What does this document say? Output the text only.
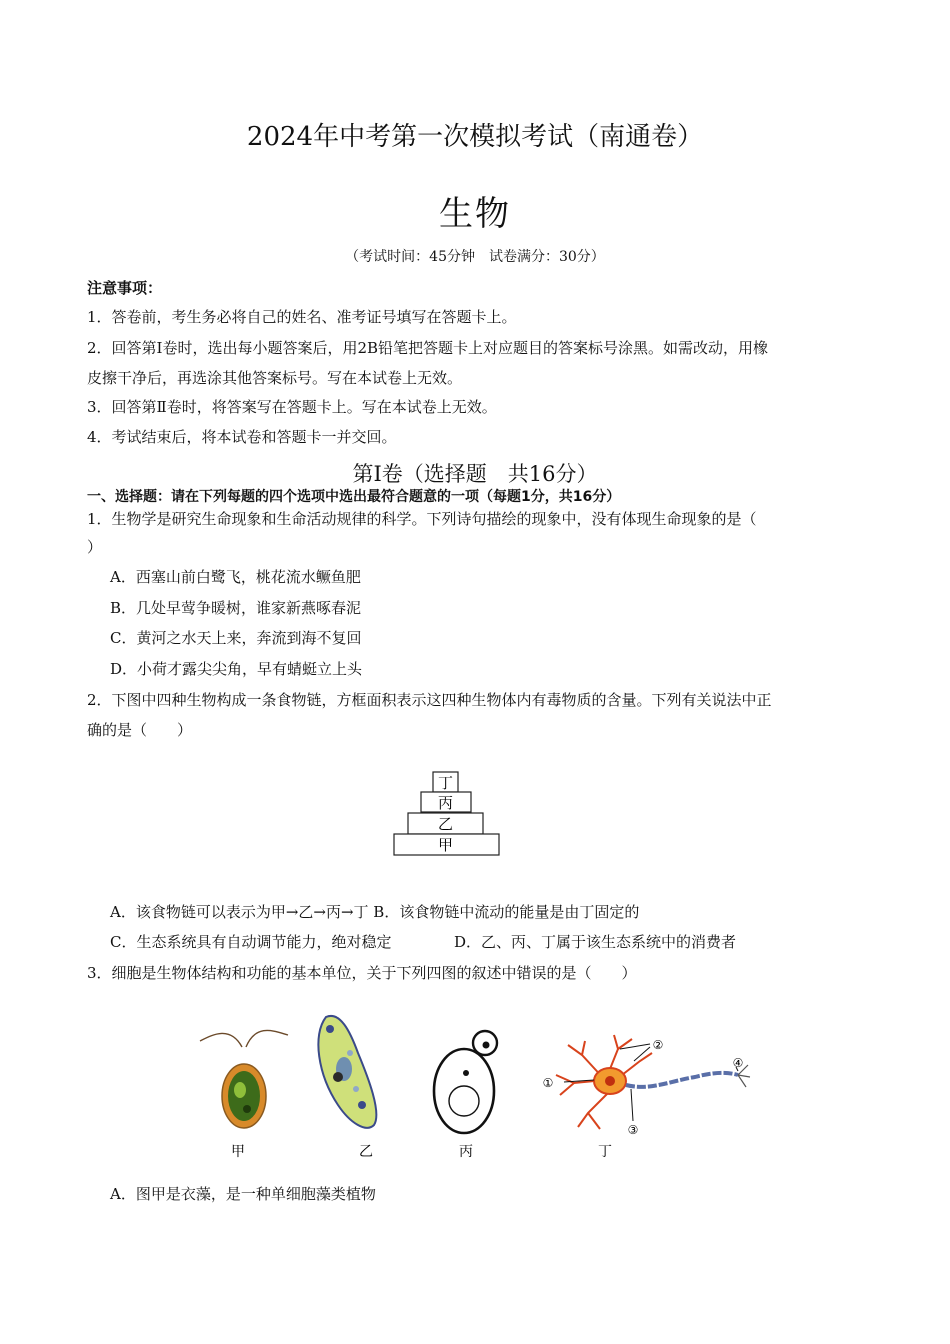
2024年中考第一次模拟考试（南通卷）
生物
（考试时间：45分钟　试卷满分：30分）
注意事项：
1．答卷前，考生务必将自己的姓名、准考证号填写在答题卡上。
2．回答第Ⅰ卷时，选出每小题答案后，用2B铅笔把答题卡上对应题目的答案标号涂黑。如需改动，用橡
皮擦干净后，再选涂其他答案标号。写在本试卷上无效。
3．回答第Ⅱ卷时，将答案写在答题卡上。写在本试卷上无效。
4．考试结束后，将本试卷和答题卡一并交回。
第Ⅰ卷（选择题　共16分）
一、选择题：请在下列每题的四个选项中选出最符合题意的一项（每题1分，共16分）
1．生物学是研究生命现象和生命活动规律的科学。下列诗句描绘的现象中，没有体现生命现象的是（
）
A．西塞山前白鹭飞，桃花流水鳜鱼肥
B．几处早莺争暖树，谁家新燕啄春泥
C．黄河之水天上来，奔流到海不复回
D．小荷才露尖尖角，早有蜻蜓立上头
2．下图中四种生物构成一条食物链，方框面积表示这四种生物体内有毒物质的含量。下列有关说法中正
确的是（　　）
丁
丙
乙
甲
A．该食物链可以表示为甲→乙→丙→丁 B．该食物链中流动的能量是由丁固定的
C．生态系统具有自动调节能力，绝对稳定	D．乙、丙、丁属于该生态系统中的消费者
3．细胞是生物体结构和功能的基本单位，关于下列四图的叙述中错误的是（　　）
甲	乙	丙
①
②
③
④
丁
A．图甲是衣藻，是一种单细胞藻类植物
